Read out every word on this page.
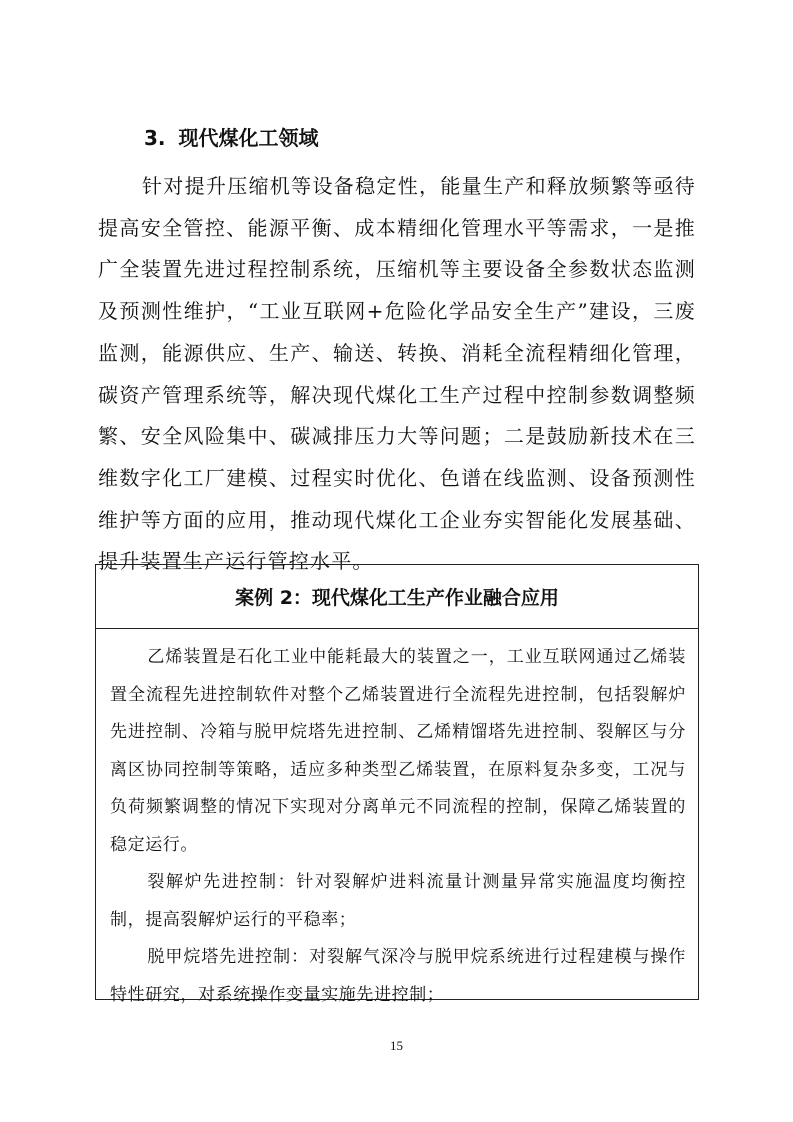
3. 现代煤化工领域

针对提升压缩机等设备稳定性，能量生产和释放频繁等亟待提高安全管控、能源平衡、成本精细化管理水平等需求，一是推广全装置先进过程控制系统，压缩机等主要设备全参数状态监测及预测性维护，“工业互联网+危险化学品安全生产”建设，三废监测，能源供应、生产、输送、转换、消耗全流程精细化管理，碳资产管理系统等，解决现代煤化工生产过程中控制参数调整频繁、安全风险集中、碳减排压力大等问题；二是鼓励新技术在三维数字化工厂建模、过程实时优化、色谱在线监测、设备预测性维护等方面的应用，推动现代煤化工企业夯实智能化发展基础、提升装置生产运行管控水平。

案例 2：现代煤化工生产作业融合应用

乙烯装置是石化工业中能耗最大的装置之一，工业互联网通过乙烯装置全流程先进控制软件对整个乙烯装置进行全流程先进控制，包括裂解炉先进控制、冷箱与脱甲烷塔先进控制、乙烯精馏塔先进控制、裂解区与分离区协同控制等策略，适应多种类型乙烯装置，在原料复杂多变，工况与负荷频繁调整的情况下实现对分离单元不同流程的控制，保障乙烯装置的稳定运行。

裂解炉先进控制：针对裂解炉进料流量计测量异常实施温度均衡控制，提高裂解炉运行的平稳率；

脱甲烷塔先进控制：对裂解气深冷与脱甲烷系统进行过程建模与操作特性研究，对系统操作变量实施先进控制；

15
